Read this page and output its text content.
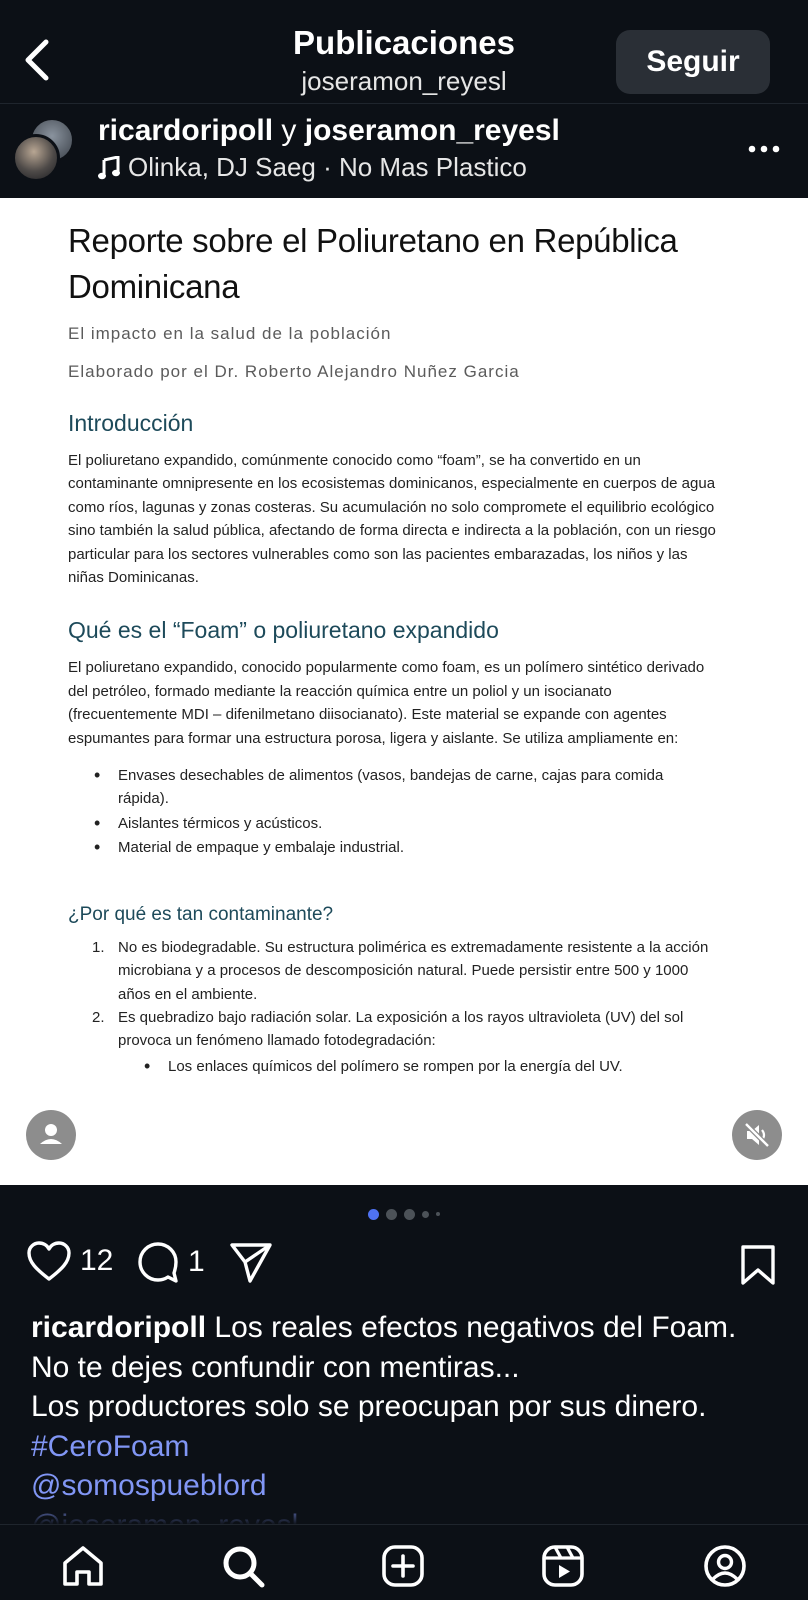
Publicaciones
joseramon_reyesl
Seguir
ricardoripoll y joseramon_reyesl
Olinka, DJ Saeg · No Mas Plastico
Reporte sobre el Poliuretano en República Dominicana
El impacto en la salud de la población
Elaborado por el Dr. Roberto Alejandro Nuñez Garcia
Introducción
El poliuretano expandido, comúnmente conocido como “foam”, se ha convertido en un contaminante omnipresente en los ecosistemas dominicanos, especialmente en cuerpos de agua como ríos, lagunas y zonas costeras. Su acumulación no solo compromete el equilibrio ecológico sino también la salud pública, afectando de forma directa e indirecta a la población, con un riesgo particular para los sectores vulnerables como son las pacientes embarazadas, los niños y las niñas Dominicanas.
Qué es el “Foam” o poliuretano expandido
El poliuretano expandido, conocido popularmente como foam, es un polímero sintético derivado del petróleo, formado mediante la reacción química entre un poliol y un isocianato (frecuentemente MDI – difenilmetano diisocianato). Este material se expande con agentes espumantes para formar una estructura porosa, ligera y aislante. Se utiliza ampliamente en:
• Envases desechables de alimentos (vasos, bandejas de carne, cajas para comida rápida).
• Aislantes térmicos y acústicos.
• Material de empaque y embalaje industrial.
¿Por qué es tan contaminante?
1. No es biodegradable. Su estructura polimérica es extremadamente resistente a la acción microbiana y a procesos de descomposición natural. Puede persistir entre 500 y 1000 años en el ambiente.
2. Es quebradizo bajo radiación solar. La exposición a los rayos ultravioleta (UV) del sol provoca un fenómeno llamado fotodegradación:
• Los enlaces químicos del polímero se rompen por la energía del UV.
12 1
ricardoripoll Los reales efectos negativos del Foam.
No te dejes confundir con mentiras...
Los productores solo se preocupan por sus dinero.
#CeroFoam
@somospueblord
